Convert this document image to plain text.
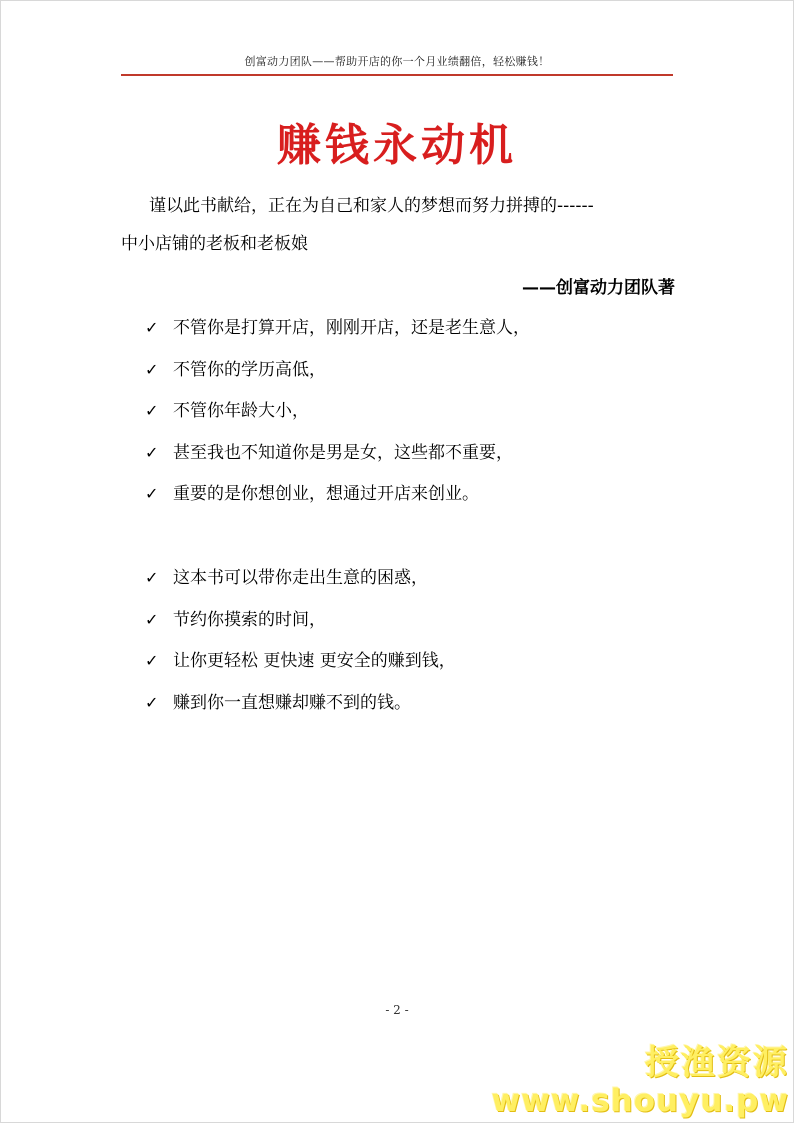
创富动力团队——帮助开店的你一个月业绩翻倍，轻松赚钱！
赚钱永动机
谨以此书献给，正在为自己和家人的梦想而努力拼搏的------
中小店铺的老板和老板娘
——创富动力团队著
✓ 不管你是打算开店，刚刚开店，还是老生意人，
✓ 不管你的学历高低，
✓ 不管你年龄大小，
✓ 甚至我也不知道你是男是女，这些都不重要，
✓ 重要的是你想创业，想通过开店来创业。
✓ 这本书可以带你走出生意的困惑，
✓ 节约你摸索的时间，
✓ 让你更轻松 更快速 更安全的赚到钱，
✓ 赚到你一直想赚却赚不到的钱。
- 2 -
授渔资源
www.shouyu.pw
